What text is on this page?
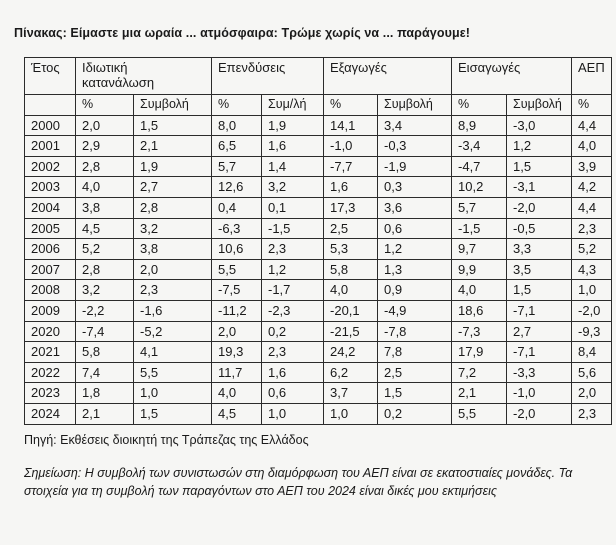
Πίνακας: Είμαστε μια ωραία ... ατμόσφαιρα: Τρώμε χωρίς να ... παράγουμε!
Έτος	Ιδιωτική κατανάλωση		Επενδύσεις		Εξαγωγές		Εισαγωγές		ΑΕΠ
	%	Συμβολή	%	Συμ/λή	%	Συμβολή	%	Συμβολή	%
2000	2,0	1,5	8,0	1,9	14,1	3,4	8,9	-3,0	4,4
2001	2,9	2,1	6,5	1,6	-1,0	-0,3	-3,4	1,2	4,0
2002	2,8	1,9	5,7	1,4	-7,7	-1,9	-4,7	1,5	3,9
2003	4,0	2,7	12,6	3,2	1,6	0,3	10,2	-3,1	4,2
2004	3,8	2,8	0,4	0,1	17,3	3,6	5,7	-2,0	4,4
2005	4,5	3,2	-6,3	-1,5	2,5	0,6	-1,5	-0,5	2,3
2006	5,2	3,8	10,6	2,3	5,3	1,2	9,7	3,3	5,2
2007	2,8	2,0	5,5	1,2	5,8	1,3	9,9	3,5	4,3
2008	3,2	2,3	-7,5	-1,7	4,0	0,9	4,0	1,5	1,0
2009	-2,2	-1,6	-11,2	-2,3	-20,1	-4,9	18,6	-7,1	-2,0
2020	-7,4	-5,2	2,0	0,2	-21,5	-7,8	-7,3	2,7	-9,3
2021	5,8	4,1	19,3	2,3	24,2	7,8	17,9	-7,1	8,4
2022	7,4	5,5	11,7	1,6	6,2	2,5	7,2	-3,3	5,6
2023	1,8	1,0	4,0	0,6	3,7	1,5	2,1	-1,0	2,0
2024	2,1	1,5	4,5	1,0	1,0	0,2	5,5	-2,0	2,3
Πηγή: Εκθέσεις διοικητή της Τράπεζας της Ελλάδος
Σημείωση: Η συμβολή των συνιστωσών στη διαμόρφωση του ΑΕΠ είναι σε εκατοστιαίες μονάδες. Τα στοιχεία για τη συμβολή των παραγόντων στο ΑΕΠ του 2024 είναι δικές μου εκτιμήσεις
